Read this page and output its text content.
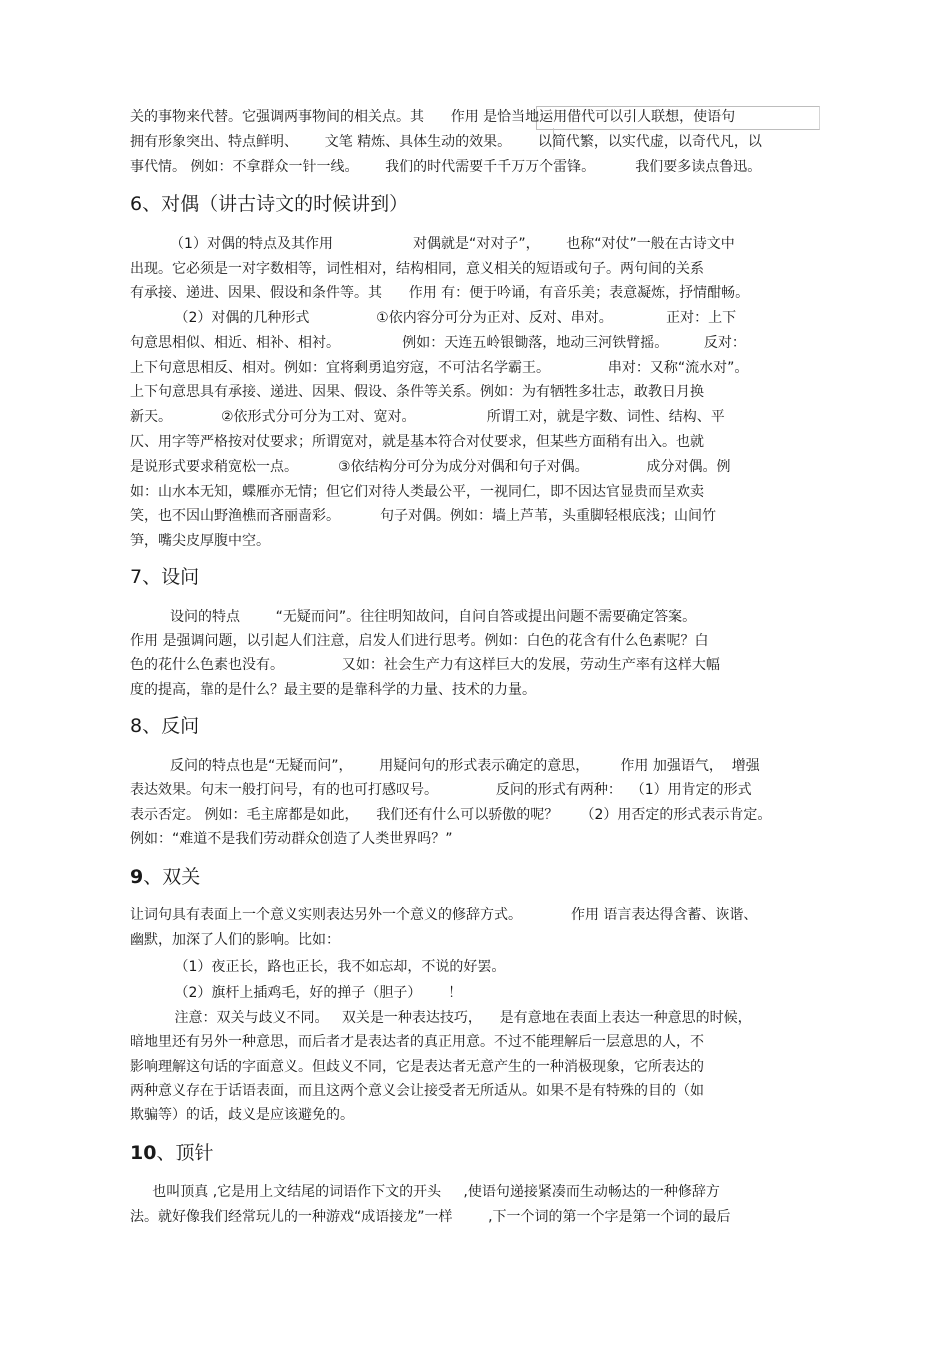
关的事物来代替。它强调两事物间的相关点。其      作用 是恰当地运用借代可以引人联想，使语句
拥有形象突出、特点鲜明、      文笔 精炼、具体生动的效果。      以简代繁，以实代虚，以奇代凡，以
事代情。 例如：不拿群众一针一线。      我们的时代需要千千万万个雷锋。         我们要多读点鲁迅。
6、对偶（讲古诗文的时候讲到）
（1）对偶的特点及其作用                  对偶就是“对对子”，      也称“对仗”一般在古诗文中
出现。它必须是一对字数相等，词性相对，结构相同，意义相关的短语或句子。两句间的关系
有承接、递进、因果、假设和条件等。其      作用 有：便于吟诵，有音乐美；表意凝炼，抒情酣畅。
（2）对偶的几种形式               ①依内容分可分为正对、反对、串对。            正对：上下
句意思相似、相近、相补、相衬。              例如：天连五岭银锄落，地动三河铁臂摇。        反对：
上下句意思相反、相对。例如：宜将剩勇追穷寇，不可沽名学霸王。             串对：又称“流水对”。
上下句意思具有承接、递进、因果、假设、条件等关系。例如：为有牺牲多壮志，敢教日月换
新天。           ②依形式分可分为工对、宽对。                所谓工对，就是字数、词性、结构、平
仄、用字等严格按对仗要求；所谓宽对，就是基本符合对仗要求，但某些方面稍有出入。也就
是说形式要求稍宽松一点。         ③依结构分可分为成分对偶和句子对偶。             成分对偶。例
如：山水本无知，蝶雁亦无情；但它们对待人类最公平，一视同仁，即不因达官显贵而呈欢卖
笑，也不因山野渔樵而吝丽啬彩。         句子对偶。例如：墙上芦苇，头重脚轻根底浅；山间竹
笋，嘴尖皮厚腹中空。
7、设问
设问的特点        “无疑而问”。往往明知故问，自问自答或提出问题不需要确定答案。
作用 是强调问题，以引起人们注意，启发人们进行思考。例如：白色的花含有什么色素呢？白
色的花什么色素也没有。             又如：社会生产力有这样巨大的发展，劳动生产率有这样大幅
度的提高，靠的是什么？最主要的是靠科学的力量、技术的力量。
8、反问
反问的特点也是“无疑而问”，      用疑问句的形式表示确定的意思，       作用 加强语气，  增强
表达效果。句末一般打问号，有的也可打感叹号。             反问的形式有两种：  （1）用肯定的形式
表示否定。 例如：毛主席都是如此，    我们还有什么可以骄傲的呢？     （2）用否定的形式表示肯定。
例如：“难道不是我们劳动群众创造了人类世界吗？”
9、双关
让词句具有表面上一个意义实则表达另外一个意义的修辞方式。           作用 语言表达得含蓄、诙谐、
幽默，加深了人们的影响。比如：
（1）夜正长，路也正长，我不如忘却，不说的好罢。
（2）旗杆上插鸡毛，好的掸子（胆子）      ！
注意：双关与歧义不同。   双关是一种表达技巧，    是有意地在表面上表达一种意思的时候，
暗地里还有另外一种意思，而后者才是表达者的真正用意。不过不能理解后一层意思的人，不
影响理解这句话的字面意义。但歧义不同，它是表达者无意产生的一种消极现象，它所表达的
两种意义存在于话语表面，而且这两个意义会让接受者无所适从。如果不是有特殊的目的（如
欺骗等）的话，歧义是应该避免的。
10、顶针
也叫顶真 ,它是用上文结尾的词语作下文的开头     ,使语句递接紧凑而生动畅达的一种修辞方
法。就好像我们经常玩儿的一种游戏“成语接龙”一样        ,下一个词的第一个字是第一个词的最后
